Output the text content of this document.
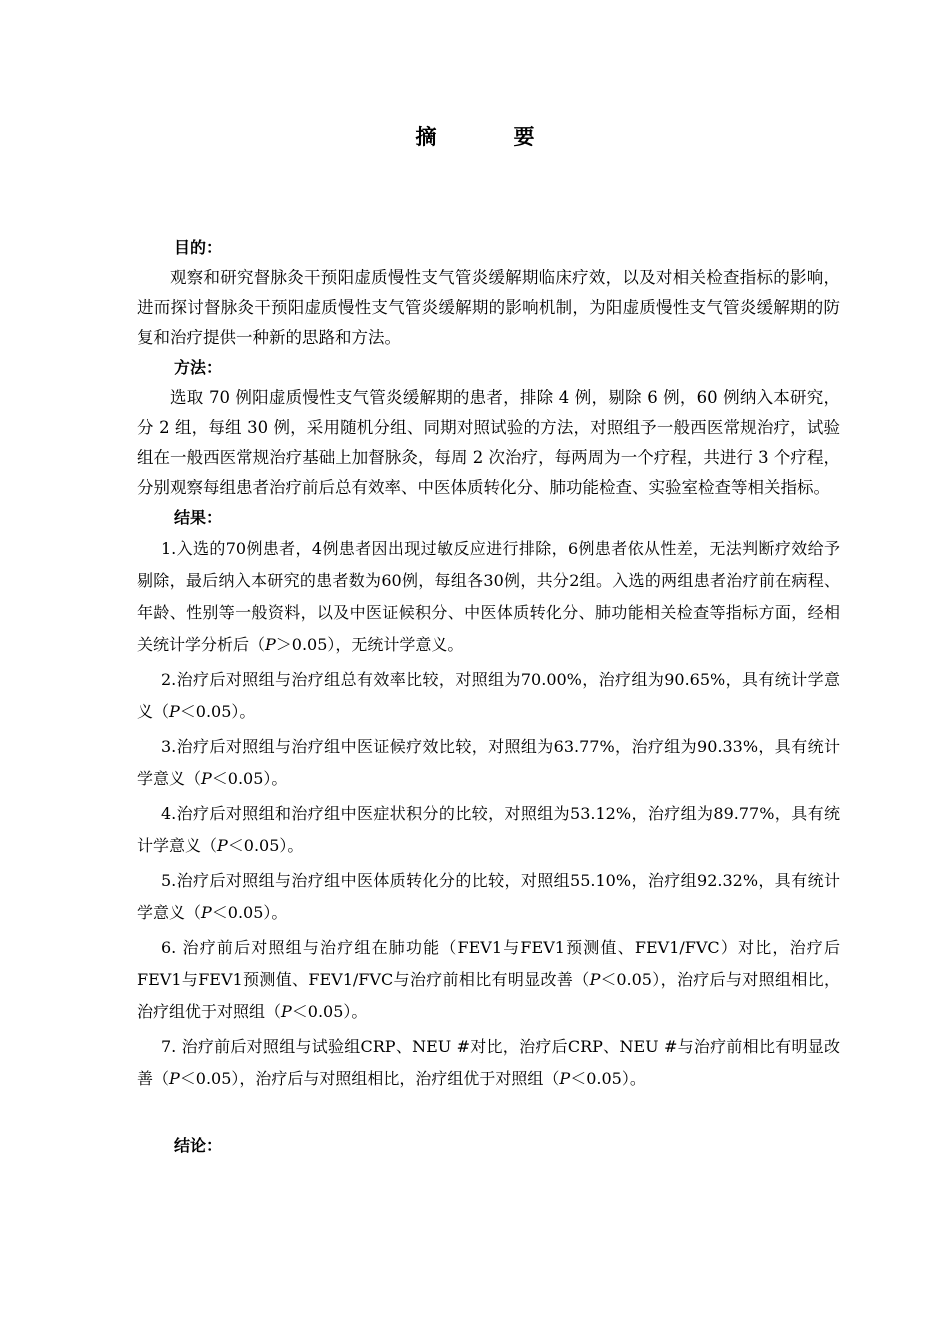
摘　要

目的：

观察和研究督脉灸干预阳虚质慢性支气管炎缓解期临床疗效，以及对相关检查指标的影响，进而探讨督脉灸干预阳虚质慢性支气管炎缓解期的影响机制，为阳虚质慢性支气管炎缓解期的防复和治疗提供一种新的思路和方法。

方法：

选取 70 例阳虚质慢性支气管炎缓解期的患者，排除 4 例，剔除 6 例，60 例纳入本研究，分 2 组，每组 30 例，采用随机分组、同期对照试验的方法，对照组予一般西医常规治疗，试验组在一般西医常规治疗基础上加督脉灸，每周 2 次治疗，每两周为一个疗程，共进行 3 个疗程，分别观察每组患者治疗前后总有效率、中医体质转化分、肺功能检查、实验室检查等相关指标。

结果：

1.入选的70例患者，4例患者因出现过敏反应进行排除，6例患者依从性差，无法判断疗效给予剔除，最后纳入本研究的患者数为60例，每组各30例，共分2组。入选的两组患者治疗前在病程、年龄、性别等一般资料，以及中医证候积分、中医体质转化分、肺功能相关检查等指标方面，经相关统计学分析后（P＞0.05），无统计学意义。

2.治疗后对照组与治疗组总有效率比较，对照组为70.00%，治疗组为90.65%，具有统计学意义（P＜0.05）。

3.治疗后对照组与治疗组中医证候疗效比较，对照组为63.77%，治疗组为90.33%，具有统计学意义（P＜0.05）。

4.治疗后对照组和治疗组中医症状积分的比较，对照组为53.12%，治疗组为89.77%，具有统计学意义（P＜0.05）。

5.治疗后对照组与治疗组中医体质转化分的比较，对照组55.10%，治疗组92.32%，具有统计学意义（P＜0.05）。

6. 治疗前后对照组与治疗组在肺功能（FEV1与FEV1预测值、FEV1/FVC）对比，治疗后FEV1与FEV1预测值、FEV1/FVC与治疗前相比有明显改善（P＜0.05），治疗后与对照组相比，治疗组优于对照组（P＜0.05）。

7. 治疗前后对照组与试验组CRP、NEU #对比，治疗后CRP、NEU #与治疗前相比有明显改善（P＜0.05），治疗后与对照组相比，治疗组优于对照组（P＜0.05）。

结论：
